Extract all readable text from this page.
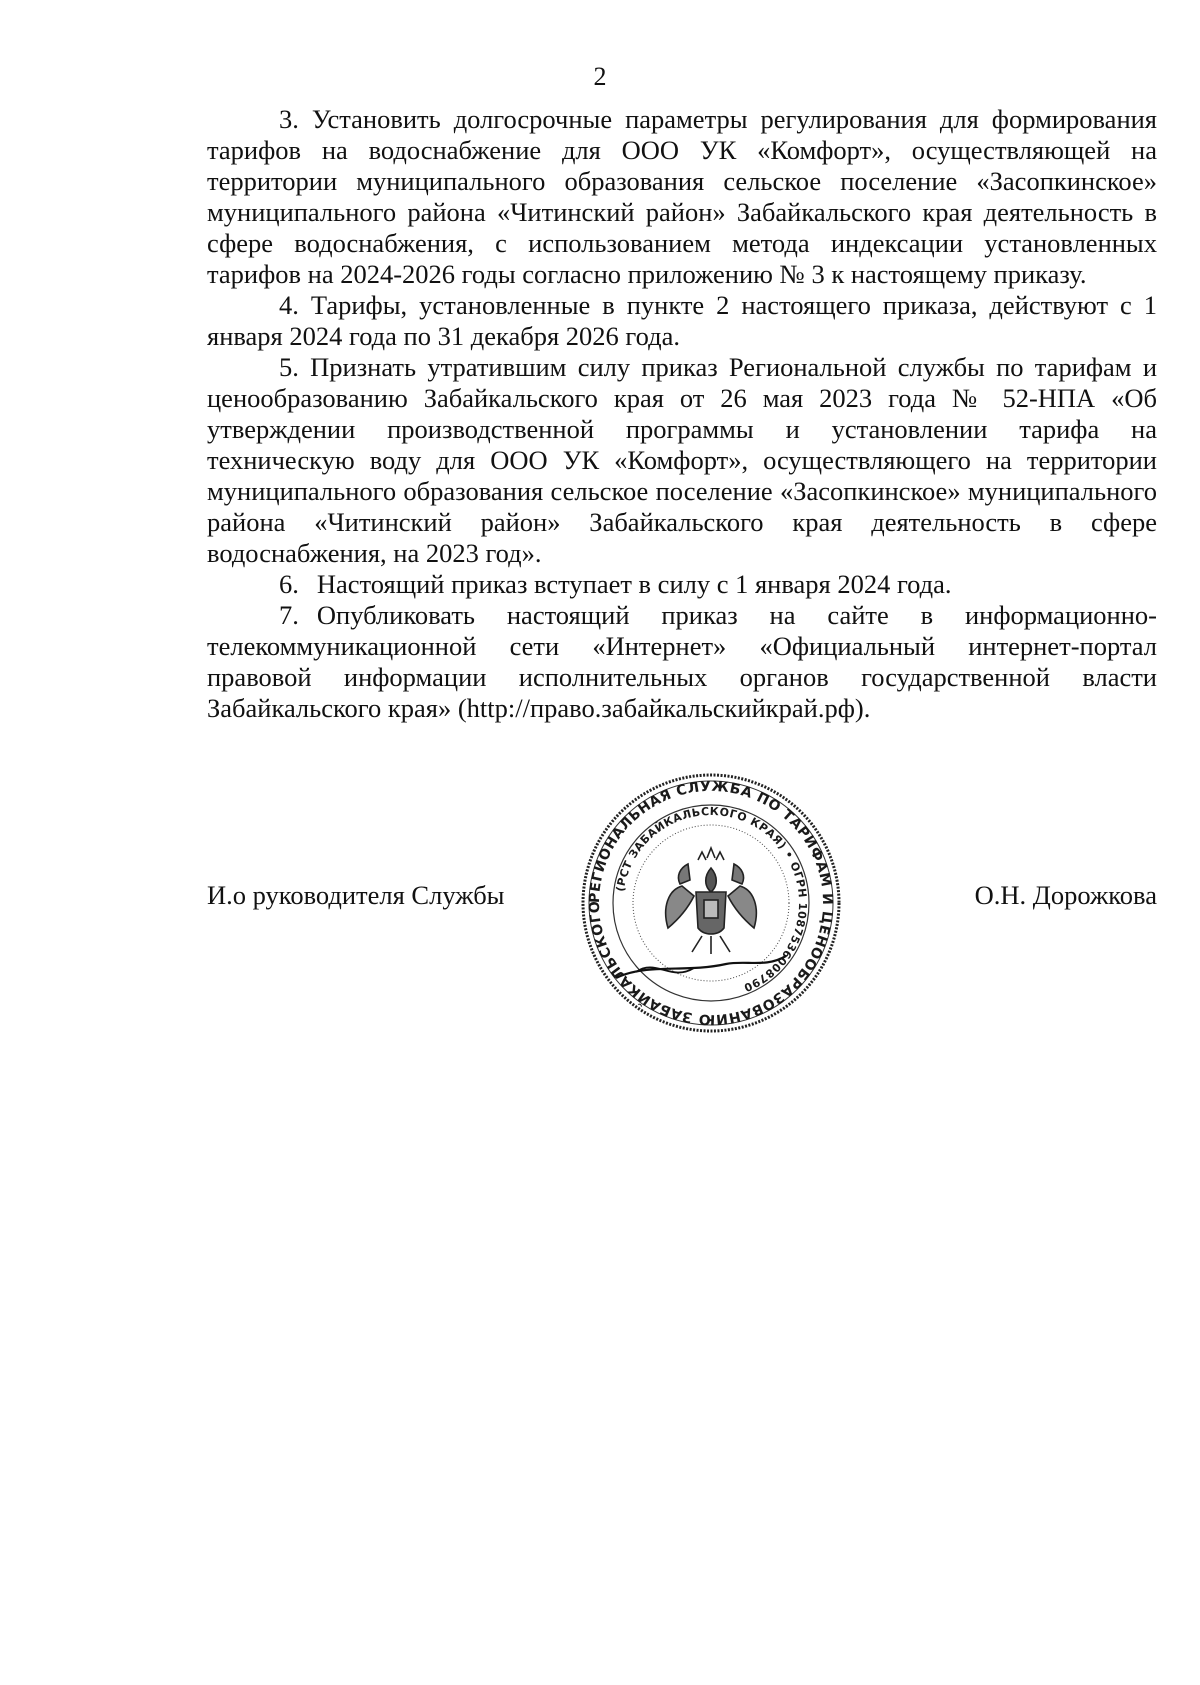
2

3. Установить долгосрочные параметры регулирования для формирования тарифов на водоснабжение для ООО УК «Комфорт», осуществляющей на территории муниципального образования сельское поселение «Засопкинское» муниципального района «Читинский район» Забайкальского края деятельность в сфере водоснабжения, с использованием метода индексации установленных тарифов на 2024-2026 годы согласно приложению № 3 к настоящему приказу.

4. Тарифы, установленные в пункте 2 настоящего приказа, действуют с 1 января 2024 года по 31 декабря 2026 года.

5. Признать утратившим силу приказ Региональной службы по тарифам и ценообразованию Забайкальского края от 26 мая 2023 года № 52-НПА «Об утверждении производственной программы и установлении тарифа на техническую воду для ООО УК «Комфорт», осуществляющего на территории муниципального образования сельское поселение «Засопкинское» муниципального района «Читинский район» Забайкальского края деятельность в сфере водоснабжения, на 2023 год».

6. Настоящий приказ вступает в силу с 1 января 2024 года.

7. Опубликовать настоящий приказ на сайте в информационно-телекоммуникационной сети «Интернет» «Официальный интернет-портал правовой информации исполнительных органов государственной власти Забайкальского края» (http://право.забайкальскийкрай.рф).

РЕГИОНАЛЬНАЯ СЛУЖБА ПО ТАРИФАМ И ЦЕНООБРАЗОВАНИЮ ЗАБАЙКАЛЬСКОГО
(РСТ ЗАБАЙКАЛЬСКОГО КРАЯ) • ОГРН 1087536008790
И.о руководителя Службы	О.Н. Дорожкова
